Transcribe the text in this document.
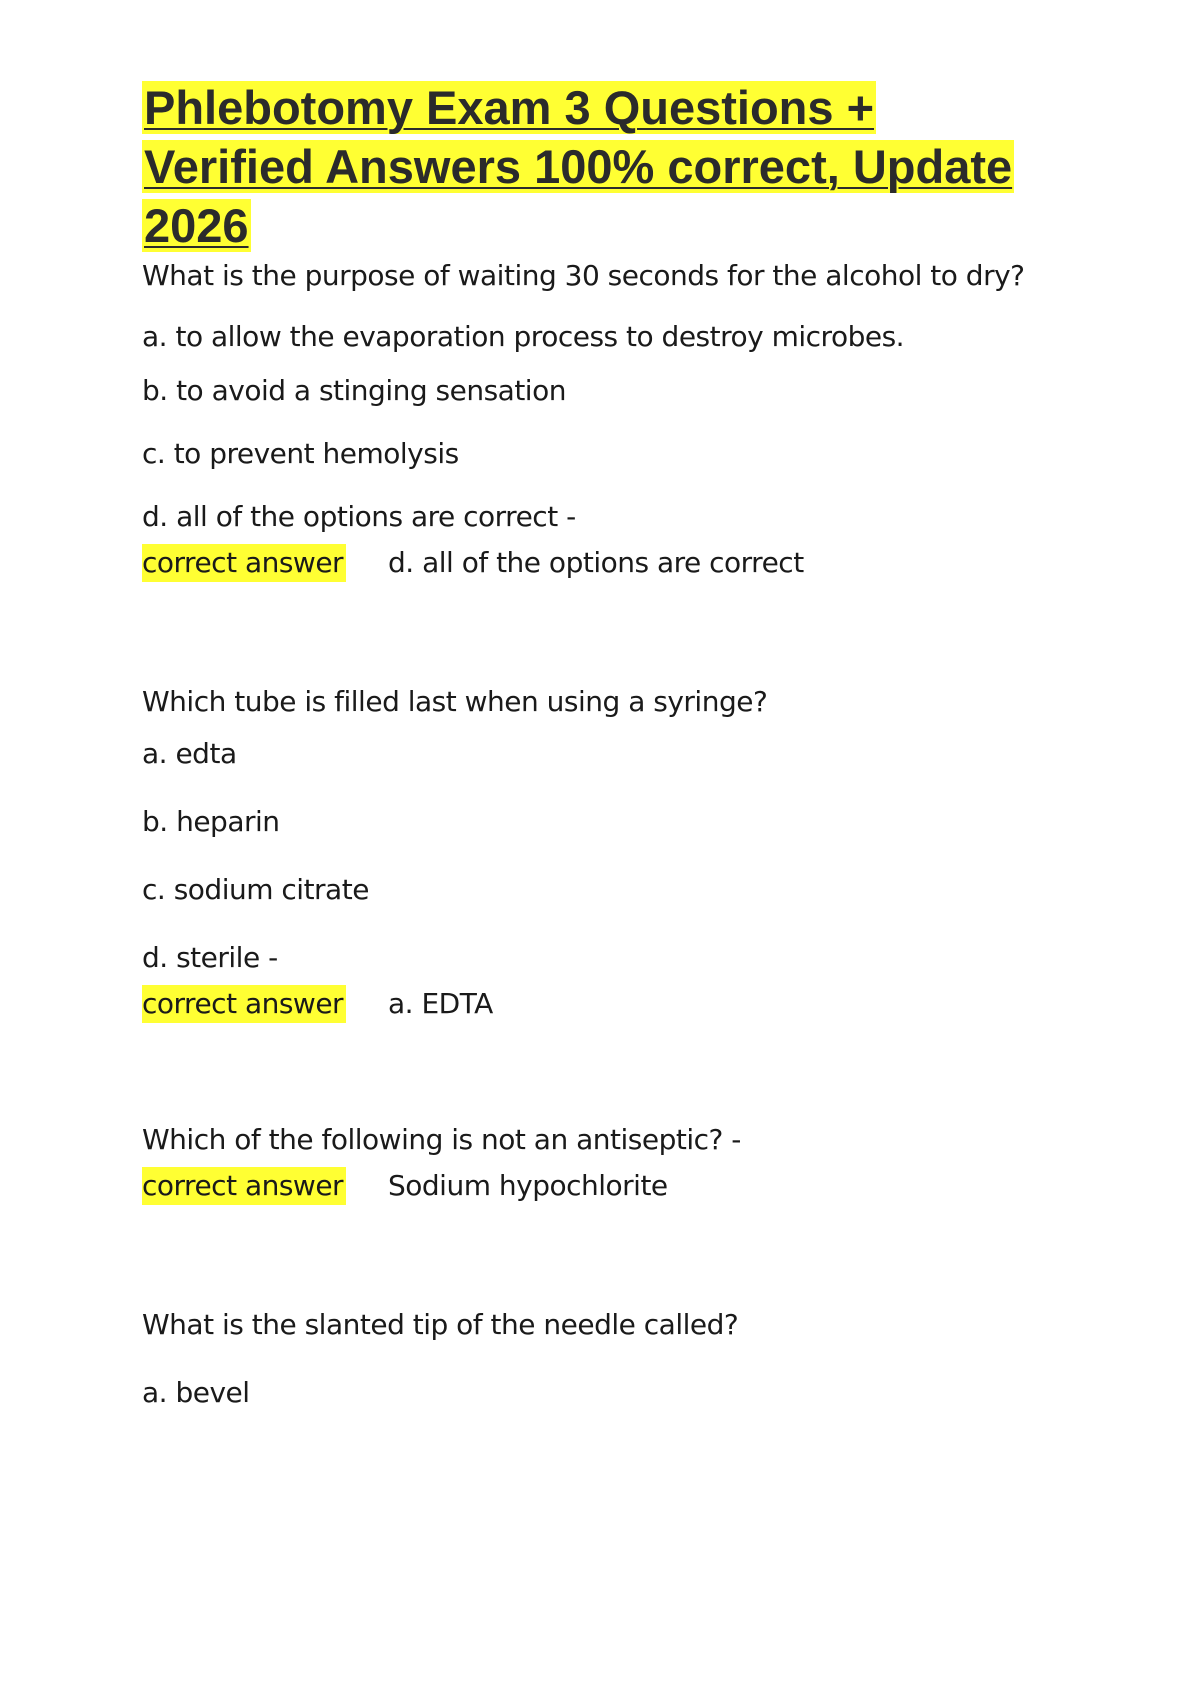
Phlebotomy Exam 3 Questions +
Verified Answers 100% correct, Update
2026

What is the purpose of waiting 30 seconds for the alcohol to dry?

a. to allow the evaporation process to destroy microbes.

b. to avoid a stinging sensation

c. to prevent hemolysis

d. all of the options are correct -

correct answer d. all of the options are correct

Which tube is filled last when using a syringe?

a. edta

b. heparin

c. sodium citrate

d. sterile -

correct answer a. EDTA

Which of the following is not an antiseptic? -

correct answer Sodium hypochlorite

What is the slanted tip of the needle called?

a. bevel
